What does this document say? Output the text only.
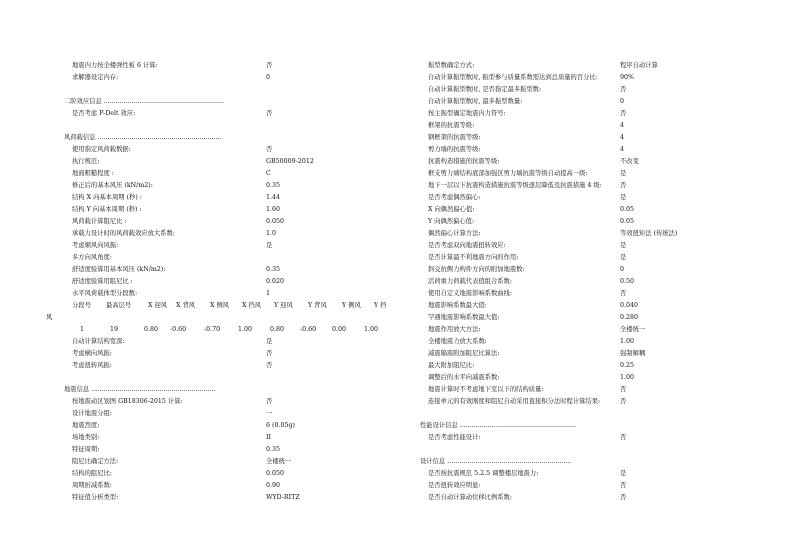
地震内力按全楼弹性板 6 计算:	否
求解器设定内存:	0
二阶效应信息 ............................................................
是否考虑 P-Delt 效应:	否
风荷载信息 ..............................................................
使用指定风荷载数据:	否
执行规范:	GB50009-2012
地面粗糙程度 :	C
修正后的基本风压 (kN/m2):	0.35
结构 X 向基本周期 (秒) :	1.44
结构 Y 向基本周期 (秒) :	1.60
风荷载计算阻尼比 :	0.050
承载力设计时的风荷载效应放大系数:	1.0
考虑顺风向风振:	是
多方向风角度:
舒适度验算用基本风压 (kN/m2):	0.35
舒适度验算用阻尼比 :	0.020
水平风荷载体型分段数:	1
分段号 最高层号	X 迎风 X 背风 X 侧风 X 挡风 Y 迎风 Y 背风 Y 侧风 Y 挡
风
1	19	0.80 -0.60	-0.70	1.00	0.80	-0.60	0.00	1.00
自动计算结构宽深:	是
考虑横向风振:	否
考虑扭转风振:	否
地震信息 ..............................................................
按地震动区划图 GB18306-2015 计算:	否
设计地震分组:	一
地震烈度:	6 (0.05g)
场地类别:	II
特征周期:	0.35
阻尼比确定方法:	全楼统一
结构的阻尼比:	0.050
周期折减系数:	0.90
特征值分析类型:	WYD-RITZ
振型数确定方式:	程序自动计算
自动计算振型数时, 振型参与质量系数需达到总质量的百分比:	90%
自动计算振型数时, 是否指定最多振型数:	否
自动计算振型数时, 最多振型数量:	0
按主振型确定地震内力符号:	否
框架的抗震等级:	4
钢框架的抗震等级:	4
剪力墙的抗震等级:	4
抗震构造措施的抗震等级:	不改变
框支剪力墙结构底部加强区剪力墙抗震等级自动提高一级:	是
地下一层以下抗震构造措施抗震等级逐层降低及抗震措施 4 级:	否
是否考虑偶然偏心:	是
X 向偶然偏心值:	0.05
Y 向偶然偏心值:	0.05
偶然偏心计算方法:	等效扭矩法 (传统法)
是否考虑双向地震扭转效应:	是
是否计算最不利地震方向的作用:	是
斜交抗侧力构件方向的附加地震数:	0
活荷重力荷载代表值组合系数:	0.50
使用自定义地震影响系数曲线:	否
地震影响系数最大值:	0.040
罕遇地震影响系数最大值:	0.280
地震作用放大方法:	全楼统一
全楼地震力放大系数:	1.00
减震隔震附加阻尼比算法:	强制解耦
最大附加阻尼比:	0.25
调整后的水平向减震系数:	1.00
地震计算时不考虑地下室以下的结构质量:	否
连接单元的有效刚度和阻尼自动采用直接积分法时程计算结果:	否
性能设计信息 ..........................................................
是否考虑性能设计:	否
设计信息 ..............................................................
是否按抗震规范 5.2.5 调整楼层地震力:	是
是否扭转效应明显:	否
是否自动计算动位移比例系数:	否
